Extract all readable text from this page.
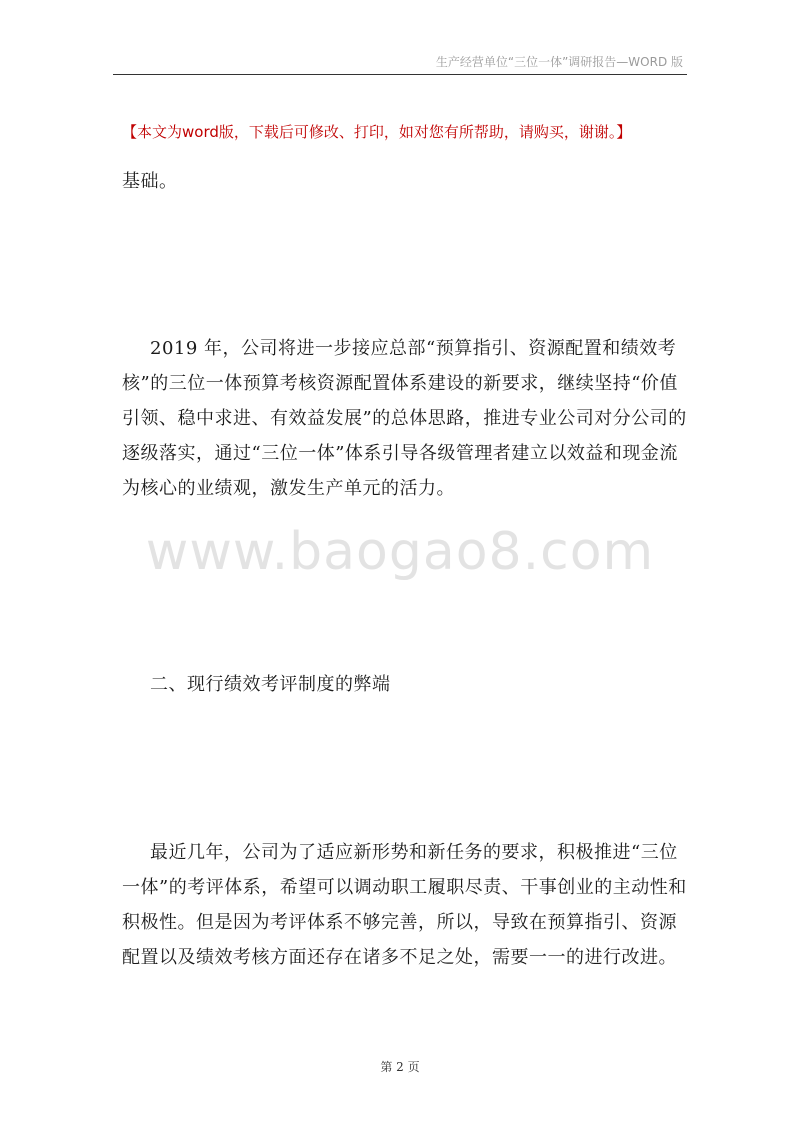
生产经营单位“三位一体”调研报告—WORD 版
【本文为word版，下载后可修改、打印，如对您有所帮助，请购买，谢谢。】
基础。
2019 年，公司将进一步接应总部“预算指引、资源配置和绩效考核”的三位一体预算考核资源配置体系建设的新要求，继续坚持“价值引领、稳中求进、有效益发展”的总体思路，推进专业公司对分公司的逐级落实，通过“三位一体”体系引导各级管理者建立以效益和现金流为核心的业绩观，激发生产单元的活力。
www.baogao8.com
二、现行绩效考评制度的弊端
最近几年，公司为了适应新形势和新任务的要求，积极推进“三位一体”的考评体系，希望可以调动职工履职尽责、干事创业的主动性和积极性。但是因为考评体系不够完善，所以，导致在预算指引、资源配置以及绩效考核方面还存在诸多不足之处，需要一一的进行改进。
第 2 页
